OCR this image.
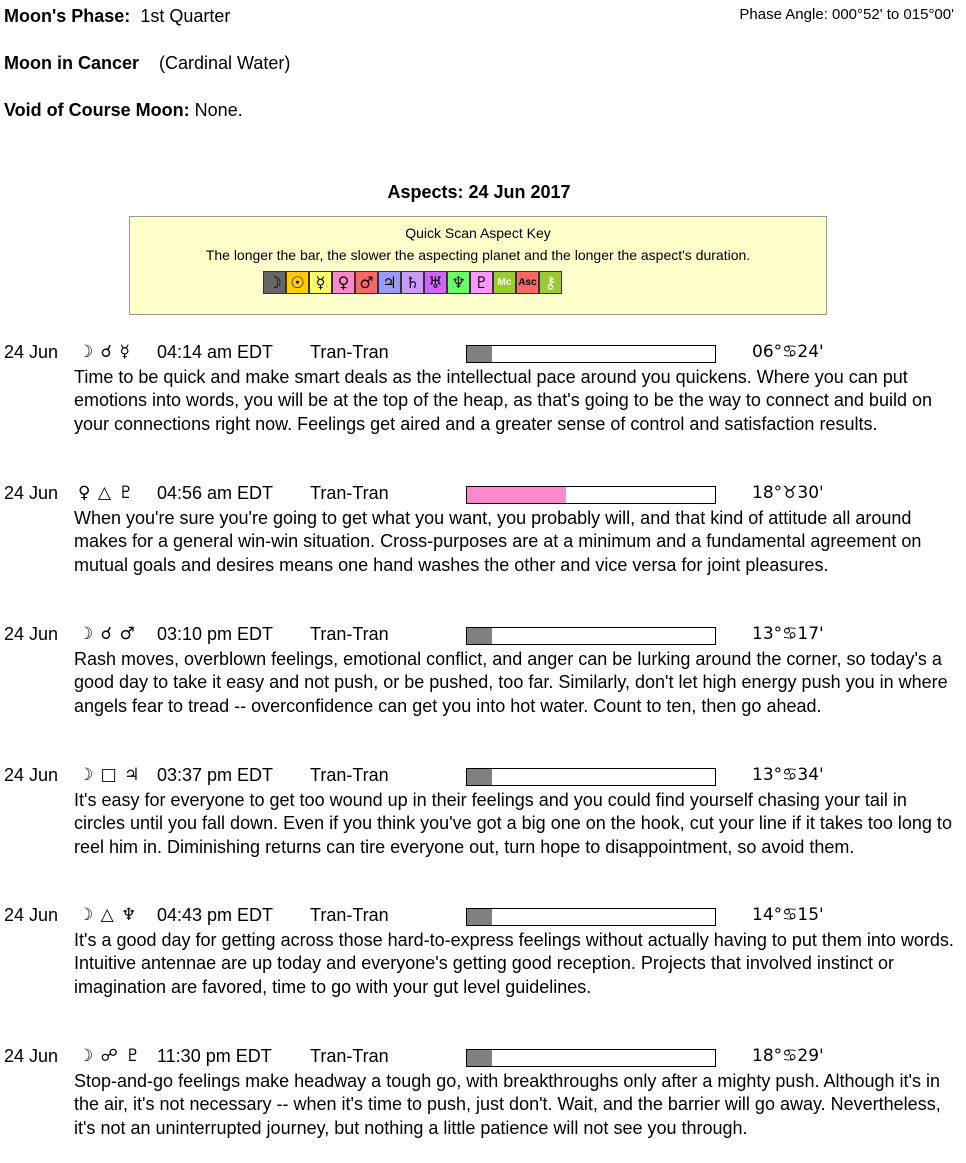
Moon's Phase: 1st Quarter	Phase Angle: 000°52' to 015°00'
Moon in Cancer (Cardinal Water)
Void of Course Moon: None.
Aspects: 24 Jun 2017
Quick Scan Aspect Key
The longer the bar, the slower the aspecting planet and the longer the aspect's duration.
☽ ☉ ☿ ♀ ♂ ♃ ♄ ♅ ♆ ♇ Mc Asc ⚷
24 Jun ☽ ☌ ☿ 04:14 am EDT Tran-Tran	06°♋24'
Time to be quick and make smart deals as the intellectual pace around you quickens. Where you can put emotions into words, you will be at the top of the heap, as that's going to be the way to connect and build on your connections right now. Feelings get aired and a greater sense of control and satisfaction results.
24 Jun ♀ △ ♇ 04:56 am EDT Tran-Tran	18°♉30'
When you're sure you're going to get what you want, you probably will, and that kind of attitude all around makes for a general win-win situation. Cross-purposes are at a minimum and a fundamental agreement on mutual goals and desires means one hand washes the other and vice versa for joint pleasures.
24 Jun ☽ ☌ ♂ 03:10 pm EDT Tran-Tran	13°♋17'
Rash moves, overblown feelings, emotional conflict, and anger can be lurking around the corner, so today's a good day to take it easy and not push, or be pushed, too far. Similarly, don't let high energy push you in where angels fear to tread -- overconfidence can get you into hot water. Count to ten, then go ahead.
24 Jun ☽ □ ♃ 03:37 pm EDT Tran-Tran	13°♋34'
It's easy for everyone to get too wound up in their feelings and you could find yourself chasing your tail in circles until you fall down. Even if you think you've got a big one on the hook, cut your line if it takes too long to reel him in. Diminishing returns can tire everyone out, turn hope to disappointment, so avoid them.
24 Jun ☽ △ ♆ 04:43 pm EDT Tran-Tran	14°♋15'
It's a good day for getting across those hard-to-express feelings without actually having to put them into words. Intuitive antennae are up today and everyone's getting good reception. Projects that involved instinct or imagination are favored, time to go with your gut level guidelines.
24 Jun ☽ ☍ ♇ 11:30 pm EDT Tran-Tran	18°♋29'
Stop-and-go feelings make headway a tough go, with breakthroughs only after a mighty push. Although it's in the air, it's not necessary -- when it's time to push, just don't. Wait, and the barrier will go away. Nevertheless, it's not an uninterrupted journey, but nothing a little patience will not see you through.
